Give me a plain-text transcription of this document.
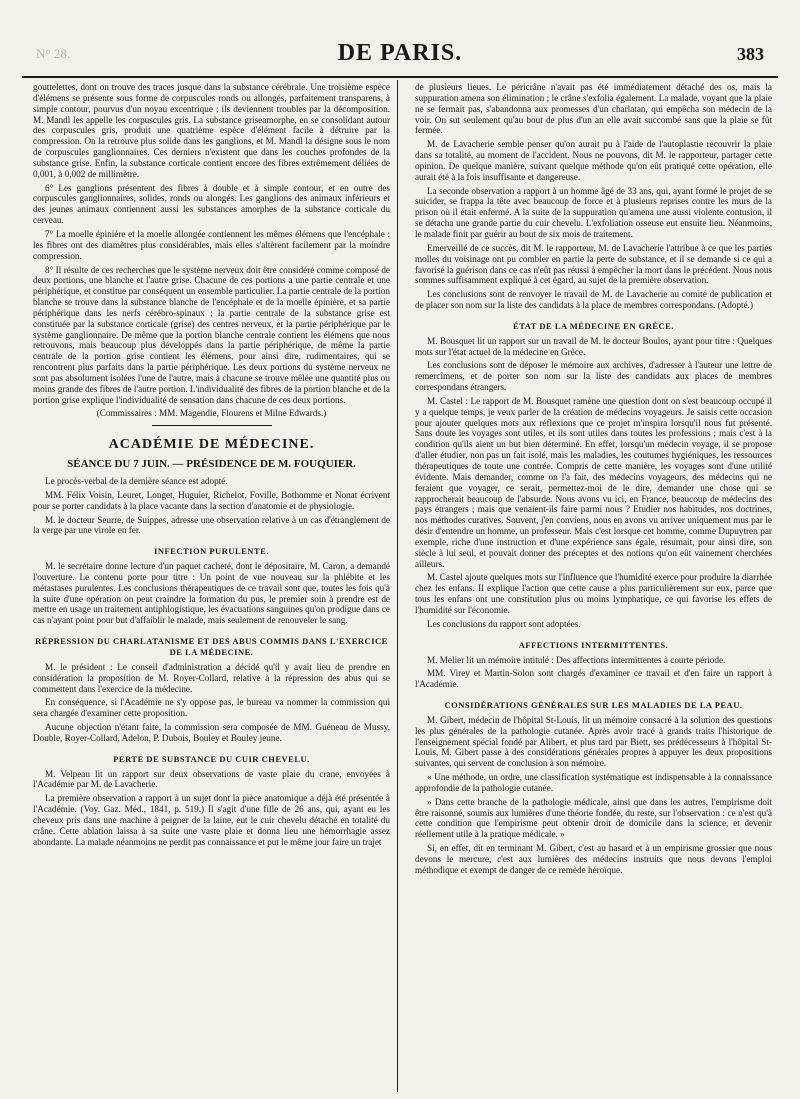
N° 28.	DE PARIS.	383

gouttelettes, dont on trouve des traces jusque dans la substance cérébrale. Une troisième espèce d'élémens se présente sous forme de corpuscules ronds ou allongés, parfaitement transparens, à simple contour, pourvus d'un noyau excentrique ; ils deviennent troubles par la décomposition. M. Mandl les appelle les corpuscules gris. La substance griseamorphe, en se consolidant autour des corpuscules gris, produit une quatrième espèce d'élément facile à détruire par la compression. On la retrouve plus solide dans les ganglions, et M. Mandl la désigne sous le nom de corpuscules ganglionnaires. Ces derniers n'existent que dans les couches profondes de la substance grise. Enfin, la substance corticale contient encore des fibres extrêmement déliées de 0,001, à 0,002 de millimètre.

6° Les ganglions présentent des fibres à double et à simple contour, et en outre des corpuscules ganglionnaires, solides, ronds ou alongés. Les ganglions des animaux inférieurs et des jeunes animaux contiennent aussi les substances amorphes de la substance corticale du cerveau.

7° La moelle épinière et la moelle allongée contiennent les mêmes élémens que l'encéphale : les fibres ont des diamètres plus considérables, mais elles s'altèrent facilement par la moindre compression.

8° Il résulte de ces recherches que le système nerveux doit être considéré comme composé de deux portions, une blanche et l'autre grise. Chacune de ces portions a une partie centrale et une périphérique, et constitue par conséquent un ensemble particulier. La partie centrale de la portion blanche se trouve dans la substance blanche de l'encéphale et de la moelle épinière, et sa partie périphérique dans les nerfs cérébro-spinaux ; la partie centrale de la substance grise est constituée par la substance corticale (grise) des centres nerveux, et la partie périphérique par le système ganglionnaire. De même que la portion blanche centrale contient les élémens que nous retrouvons, mais beaucoup plus développés dans la partie périphérique, de même la partie centrale de la portion grise contient les élémens, pour ainsi dire, rudimentaires, qui se rencontrent plus parfaits dans la partie périphérique. Les deux portions du système nerveux ne sont pas absolument isolées l'une de l'autre, mais à chacune se trouve mêlée une quantité plus ou moins grande des fibres de l'autre portion. L'individualité des fibres de la portion blanche et de la portion grise explique l'individualité de sensation dans chacune de ces deux portions.

(Commissaires : MM. Magendie, Flourens et Milne Edwards.)

ACADÉMIE DE MÉDECINE.
SÉANCE DU 7 JUIN. — PRÉSIDENCE DE M. FOUQUIER.

Le procès-verbal de la dernière séance est adopté.

MM. Félix Voisin, Leuret, Longet, Huguier, Richelot, Foville, Bothomme et Nonat écrivent pour se porter candidats à la place vacante dans la section d'anatomie et de physiologie.

M. le docteur Seurre, de Suippes, adresse une observation relative à un cas d'étranglement de la verge par une virole en fer.

INFECTION PURULENTE.

M. le secrétaire donne lecture d'un paquet cacheté, dont le dépositaire, M. Caron, a demandé l'ouverture. Le contenu porte pour titre : Un point de vue nouveau sur la phlébite et les métastases purulentes. Les conclusions thérapeutiques de ce travail sont que, toutes les fois qu'à la suite d'une opération on peut craindre la formation du pus, le premier soin à prendre est de mettre en usage un traitement antiphlogistique, les évacuations sanguines qu'on prodigue dans ce cas n'ayant point pour but d'affaiblir le malade, mais seulement de renouveler le sang.

RÉPRESSION DU CHARLATANISME ET DES ABUS COMMIS DANS L'EXERCICE DE LA MÉDECINE.

M. le président : Le conseil d'administration a décidé qu'il y avait lieu de prendre en considération la proposition de M. Royer-Collard, relative à la répression des abus qui se commettent dans l'exercice de la médecine.

En conséquence, si l'Académie ne s'y oppose pas, le bureau va nommer la commission qui sera chargée d'examiner cette proposition.

Aucune objection n'étant faite, la commission sera composée de MM. Guéneau de Mussy, Double, Royer-Collard, Adelon, P. Dubois, Bouley et Bouley jeune.

PERTE DE SUBSTANCE DU CUIR CHEVELU.

M. Velpeau lit un rapport sur deux observations de vaste plaie du crane, envoyées à l'Académie par M. de Lavacherie.

La première observation a rapport à un sujet dont la pièce anatomique a déjà été présentée à l'Académie. (Voy. Gaz. Méd., 1841, p. 519.) Il s'agit d'une fille de 26 ans, qui, ayant eu les cheveux pris dans une machine à peigner de la laine, eut le cuir chevelu détaché en totalité du crâne. Cette ablation laissa à sa suite une vaste plaie et donna lieu une hémorrhagie assez abondante. La malade néanmoins ne perdit pas connaissance et put le même jour faire un trajet

de plusieurs lieues. Le péricrâne n'avait pas été immédiatement détaché des os, mais la suppuration amena son élimination ; le crâne s'exfolia également. La malade, voyant que la plaie ne se fermait pas, s'abandonna aux promesses d'un charlatan, qui empêcha son médecin de la voir. On sut seulement qu'au bout de plus d'un an elle avait succombé sans que la plaie se fût fermée.

M. de Lavacherie semble penser qu'on aurait pu à l'aide de l'autoplastie recouvrir la plaie dans sa totalité, au moment de l'accident. Nous ne pouvons, dit M. le rapporteur, partager cette opinion. De quelque manière, suivant quelque méthode qu'on eût pratiqué cette opération, elle aurait été à la fois insuffisante et dangereuse.

La seconde observation a rapport à un homme âgé de 33 ans, qui, ayant formé le projet de se suicider, se frappa la tête avec beaucoup de force et à plusieurs reprises contre les murs de la prison où il était enfermé. A la suite de la suppuration qu'amena une aussi violente contusion, il se détacha une grande partie du cuir chevelu. L'exfoliation osseuse eut ensuite lieu. Néanmoins, le malade finit par guérir au bout de six mois de traitement.

Emerveillé de ce succès, dit M. le rapporteur, M. de Lavacherie l'attribue à ce que les parties molles du voisinage ont pu combler en partie la perte de substance, et il se demande si ce qui a favorisé la guérison dans ce cas n'eût pas réussi à empêcher la mort dans le précédent. Nous nous sommes suffisamment expliqué à cet égard, au sujet de la première observation.

Les conclusions sont de renvoyer le travail de M. de Lavacherie au comité de publication et de placer son nom sur la liste des candidats à la place de membres correspondans. (Adopté.)

ÉTAT DE LA MÉDECINE EN GRÈCE.

M. Bousquet lit un rapport sur un travail de M. le docteur Boulos, ayant pour titre : Quelques mots sur l'état actuel de la médecine en Grèce.

Les conclusions sont de déposer le mémoire aux archives, d'adresser à l'auteur une lettre de remercîmens, et de porter son nom sur la liste des candidats aux places de membres correspondans étrangers.

M. Castel : Le rapport de M. Bousquet ramène une question dont on s'est beaucoup occupé il y a quelque temps, je veux parler de la création de médecins voyageurs. Je saisis cette occasion pour ajouter quelques mots aux réflexions que ce projet m'inspira lorsqu'il nous fut présenté. Sans doute les voyages sont utiles, et ils sont utiles dans toutes les professions ; mais c'est à la condition qu'ils aient un but bien déterminé. En effet, lorsqu'un médecin voyage, il se propose d'aller étudier, non pas un fait isolé, mais les maladies, les coutumes hygiéniques, les ressources thérapeutiques de toute une contrée. Compris de cette manière, les voyages sont d'une utilité évidente. Mais demander, comme on l'a fait, des médecins voyageurs, des médecins qui ne feraient que voyager, ce serait, permettez-moi de le dire, demander une chose qui se rapprocherait beaucoup de l'absurde. Nous avons vu ici, en France, beaucoup de médecins des pays étrangers ; mais que venaient-ils faire parmi nous ? Etudier nos habitudes, nos doctrines, nos méthodes curatives. Souvent, j'en conviens, nous en avons vu arriver uniquement mus par le désir d'entendre un homme, un professeur. Mais c'est lorsque cet homme, comme Dupuytren par exemple, riche d'une instruction et d'une expérience sans égale, résumait, pour ainsi dire, son siècle à lui seul, et pouvait donner des préceptes et des notions qu'on eût vainement cherchées ailleurs.

M. Castel ajoute quelques mots sur l'influence que l'humidité exerce pour produire la diarrhée chez les enfans. Il explique l'action que cette cause a plus particulièrement sur eux, parce que tous les enfans ont une constitution plus ou moins lymphatique, ce qui favorise les effets de l'humidité sur l'économie.

Les conclusions du rapport sont adoptées.

AFFECTIONS INTERMITTENTES.

M. Melier lit un mémoire intitulé : Des affections intermittentes à courte période.

MM. Virey et Martin-Solon sont chargés d'examiner ce travail et d'en faire un rapport à l'Académie.

CONSIDÉRATIONS GÉNÉRALES SUR LES MALADIES DE LA PEAU.

M. Gibert, médecin de l'hôpital St-Louis, lit un mémoire consacré à la solution des questions les plus générales de la pathologie cutanée. Après avoir tracé à grands traits l'historique de l'enseignement spécial fondé par Alibert, et plus tard par Biett, ses prédécesseurs à l'hôpital St-Louis, M. Gibert passe à des considérations générales propres à appuyer les deux propositions suivantes, qui servent de conclusion à son mémoire.

« Une méthode, un ordre, une classification systématique est indispensable à la connaissance approfondie de la pathologie cutanée.

» Dans cette branche de la pathologie médicale, ainsi que dans les autres, l'empirisme doit être raisonné, soumis aux lumières d'une théorie fondée, du reste, sur l'observation : ce n'est qu'à cette condition que l'empirisme peut obtenir droit de domicile dans la science, et devenir réellement utile à la pratique médicale. »

Si, en effet, dit en terminant M. Gibert, c'est au hasard et à un empirisme grossier que nous devons le mercure, c'est aux lumières des médecins instruits que nous devons l'emploi méthodique et exempt de danger de ce remède héroïque.
